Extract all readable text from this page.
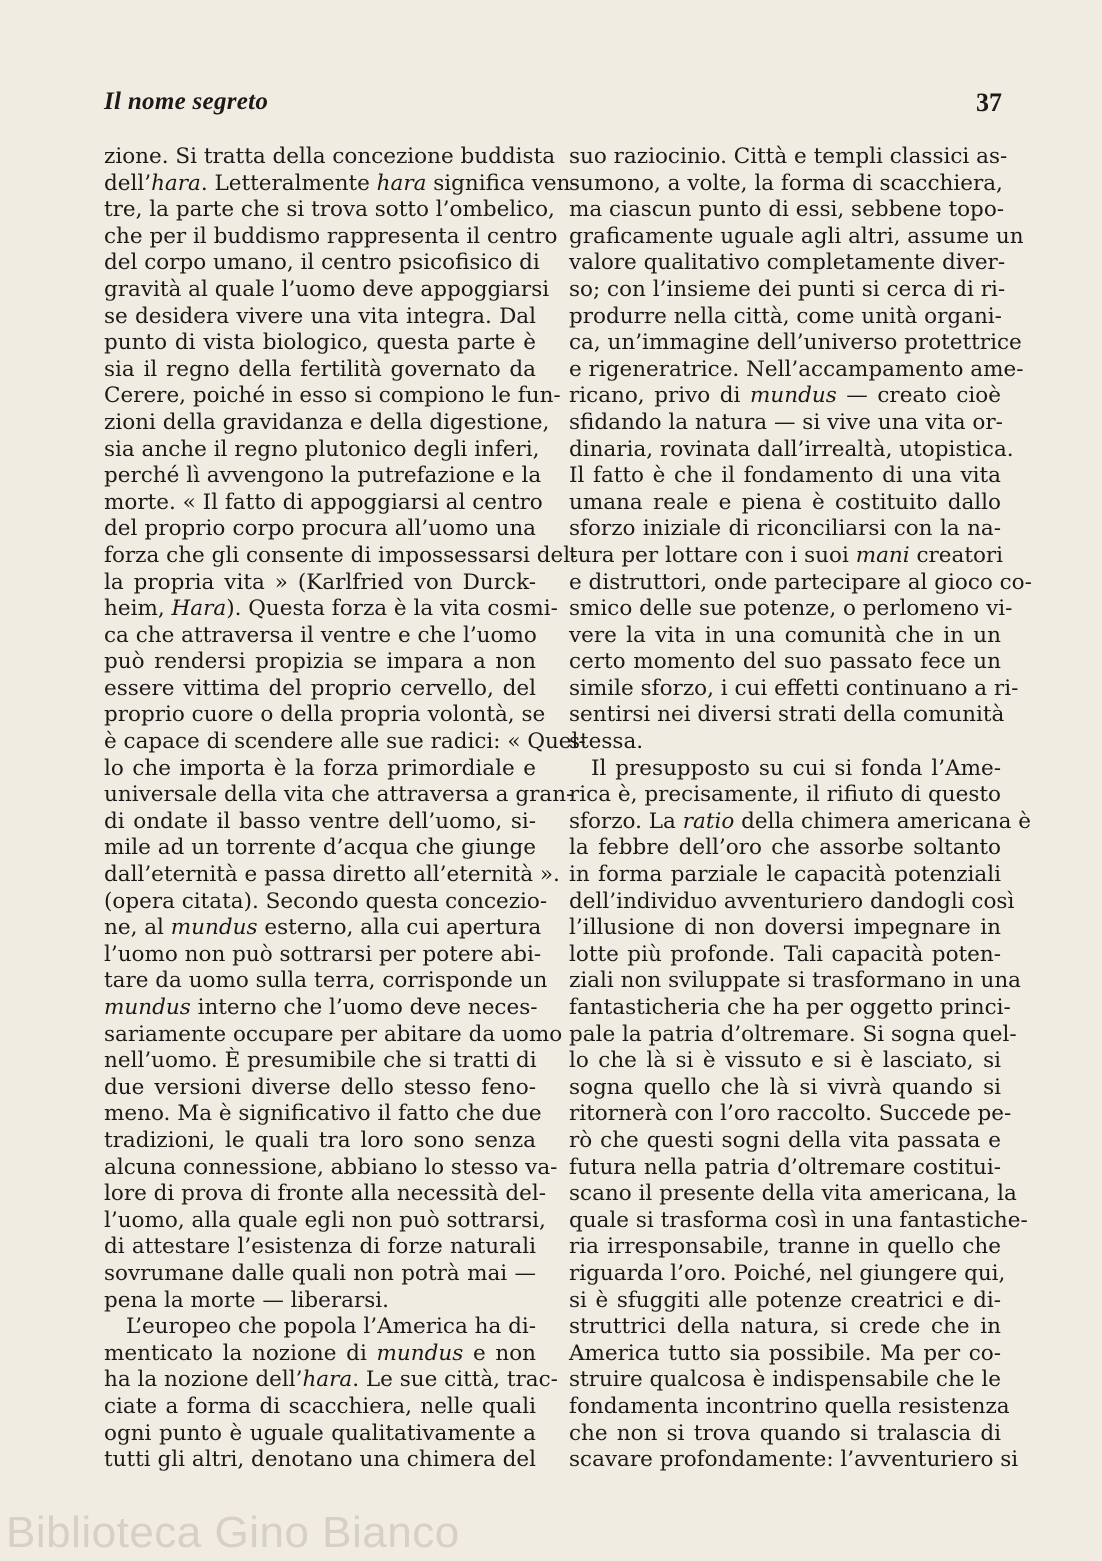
Il nome segreto	37
zione. Si tratta della concezione buddista
dell’hara. Letteralmente hara significa ven-
tre, la parte che si trova sotto l’ombelico,
che per il buddismo rappresenta il centro
del corpo umano, il centro psicofisico di
gravità al quale l’uomo deve appoggiarsi
se desidera vivere una vita integra. Dal
punto di vista biologico, questa parte è
sia il regno della fertilità governato da
Cerere, poiché in esso si compiono le fun-
zioni della gravidanza e della digestione,
sia anche il regno plutonico degli inferi,
perché lì avvengono la putrefazione e la
morte. « Il fatto di appoggiarsi al centro
del proprio corpo procura all’uomo una
forza che gli consente di impossessarsi del-
la propria vita » (Karlfried von Durck-
heim, Hara). Questa forza è la vita cosmi-
ca che attraversa il ventre e che l’uomo
può rendersi propizia se impara a non
essere vittima del proprio cervello, del
proprio cuore o della propria volontà, se
è capace di scendere alle sue radici: « Quel-
lo che importa è la forza primordiale e
universale della vita che attraversa a gran-
di ondate il basso ventre dell’uomo, si-
mile ad un torrente d’acqua che giunge
dall’eternità e passa diretto all’eternità ».
(opera citata). Secondo questa concezio-
ne, al mundus esterno, alla cui apertura
l’uomo non può sottrarsi per potere abi-
tare da uomo sulla terra, corrisponde un
mundus interno che l’uomo deve neces-
sariamente occupare per abitare da uomo
nell’uomo. È presumibile che si tratti di
due versioni diverse dello stesso feno-
meno. Ma è significativo il fatto che due
tradizioni, le quali tra loro sono senza
alcuna connessione, abbiano lo stesso va-
lore di prova di fronte alla necessità del-
l’uomo, alla quale egli non può sottrarsi,
di attestare l’esistenza di forze naturali
sovrumane dalle quali non potrà mai —
pena la morte — liberarsi.
L’europeo che popola l’America ha di-
menticato la nozione di mundus e non
ha la nozione dell’hara. Le sue città, trac-
ciate a forma di scacchiera, nelle quali
ogni punto è uguale qualitativamente a
tutti gli altri, denotano una chimera del
suo raziocinio. Città e templi classici as-
sumono, a volte, la forma di scacchiera,
ma ciascun punto di essi, sebbene topo-
graficamente uguale agli altri, assume un
valore qualitativo completamente diver-
so; con l’insieme dei punti si cerca di ri-
produrre nella città, come unità organi-
ca, un’immagine dell’universo protettrice
e rigeneratrice. Nell’accampamento ame-
ricano, privo di mundus — creato cioè
sfidando la natura — si vive una vita or-
dinaria, rovinata dall’irrealtà, utopistica.
Il fatto è che il fondamento di una vita
umana reale e piena è costituito dallo
sforzo iniziale di riconciliarsi con la na-
tura per lottare con i suoi mani creatori
e distruttori, onde partecipare al gioco co-
smico delle sue potenze, o perlomeno vi-
vere la vita in una comunità che in un
certo momento del suo passato fece un
simile sforzo, i cui effetti continuano a ri-
sentirsi nei diversi strati della comunità
stessa.
Il presupposto su cui si fonda l’Ame-
rica è, precisamente, il rifiuto di questo
sforzo. La ratio della chimera americana è
la febbre dell’oro che assorbe soltanto
in forma parziale le capacità potenziali
dell’individuo avventuriero dandogli così
l’illusione di non doversi impegnare in
lotte più profonde. Tali capacità poten-
ziali non sviluppate si trasformano in una
fantasticheria che ha per oggetto princi-
pale la patria d’oltremare. Si sogna quel-
lo che là si è vissuto e si è lasciato, si
sogna quello che là si vivrà quando si
ritornerà con l’oro raccolto. Succede pe-
rò che questi sogni della vita passata e
futura nella patria d’oltremare costitui-
scano il presente della vita americana, la
quale si trasforma così in una fantastiche-
ria irresponsabile, tranne in quello che
riguarda l’oro. Poiché, nel giungere qui,
si è sfuggiti alle potenze creatrici e di-
struttrici della natura, si crede che in
America tutto sia possibile. Ma per co-
struire qualcosa è indispensabile che le
fondamenta incontrino quella resistenza
che non si trova quando si tralascia di
scavare profondamente: l’avventuriero si
Biblioteca Gino Bianco
